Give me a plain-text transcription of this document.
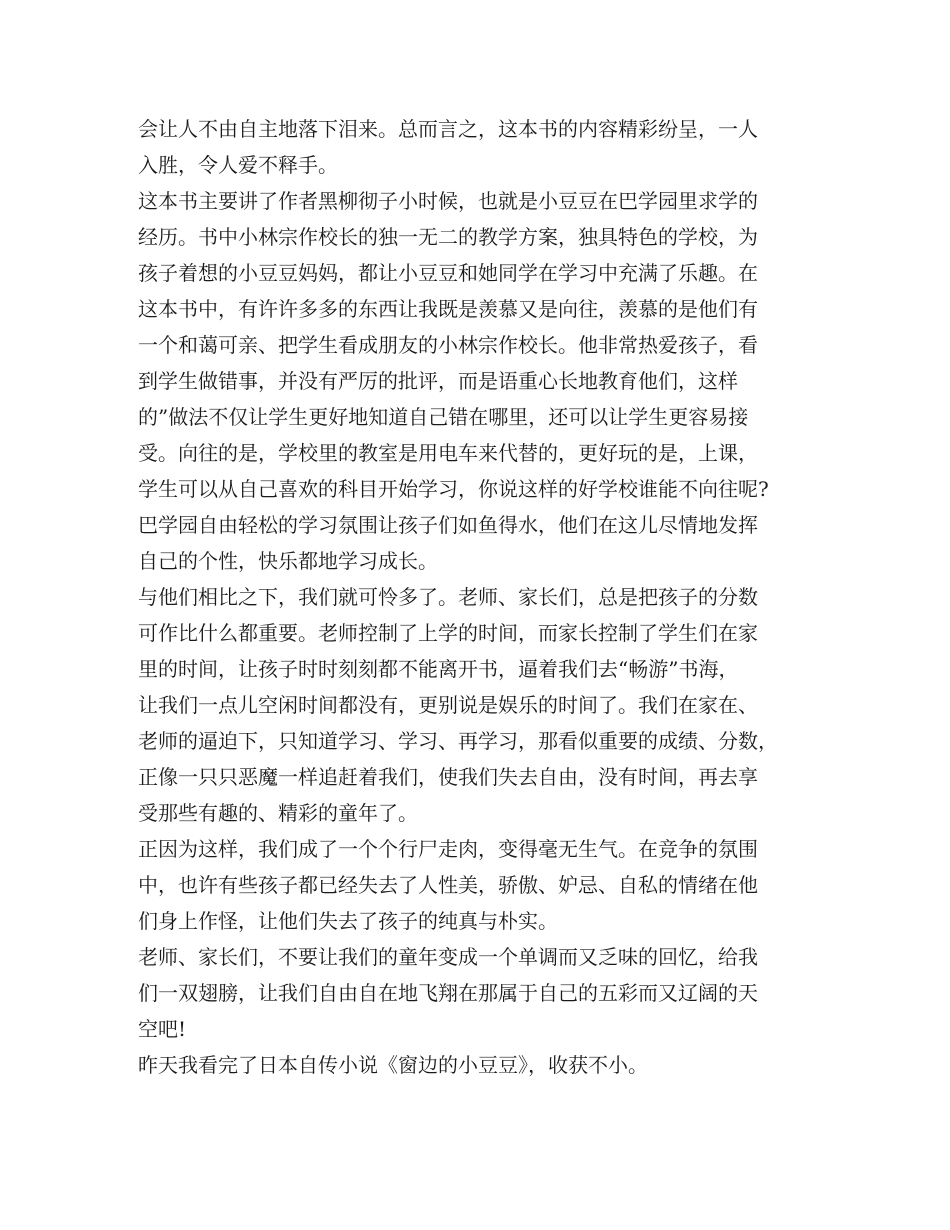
会让人不由自主地落下泪来。总而言之，这本书的内容精彩纷呈，一人
入胜，令人爱不释手。
这本书主要讲了作者黑柳彻子小时候，也就是小豆豆在巴学园里求学的
经历。书中小林宗作校长的独一无二的教学方案，独具特色的学校，为
孩子着想的小豆豆妈妈，都让小豆豆和她同学在学习中充满了乐趣。在
这本书中，有许许多多的东西让我既是羡慕又是向往，羡慕的是他们有
一个和蔼可亲、把学生看成朋友的小林宗作校长。他非常热爱孩子，看
到学生做错事，并没有严厉的批评，而是语重心长地教育他们，这样
的”做法不仅让学生更好地知道自己错在哪里，还可以让学生更容易接
受。向往的是，学校里的教室是用电车来代替的，更好玩的是，上课，
学生可以从自己喜欢的科目开始学习，你说这样的好学校谁能不向往呢?
巴学园自由轻松的学习氛围让孩子们如鱼得水，他们在这儿尽情地发挥
自己的个性，快乐都地学习成长。
与他们相比之下，我们就可怜多了。老师、家长们，总是把孩子的分数
可作比什么都重要。老师控制了上学的时间，而家长控制了学生们在家
里的时间，让孩子时时刻刻都不能离开书，逼着我们去“畅游”书海，
让我们一点儿空闲时间都没有，更别说是娱乐的时间了。我们在家在、
老师的逼迫下，只知道学习、学习、再学习，那看似重要的成绩、分数，
正像一只只恶魔一样追赶着我们，使我们失去自由，没有时间，再去享
受那些有趣的、精彩的童年了。
正因为这样，我们成了一个个行尸走肉，变得毫无生气。在竞争的氛围
中，也许有些孩子都已经失去了人性美，骄傲、妒忌、自私的情绪在他
们身上作怪，让他们失去了孩子的纯真与朴实。
老师、家长们，不要让我们的童年变成一个单调而又乏味的回忆，给我
们一双翅膀，让我们自由自在地飞翔在那属于自己的五彩而又辽阔的天
空吧!
昨天我看完了日本自传小说《窗边的小豆豆》，收获不小。
